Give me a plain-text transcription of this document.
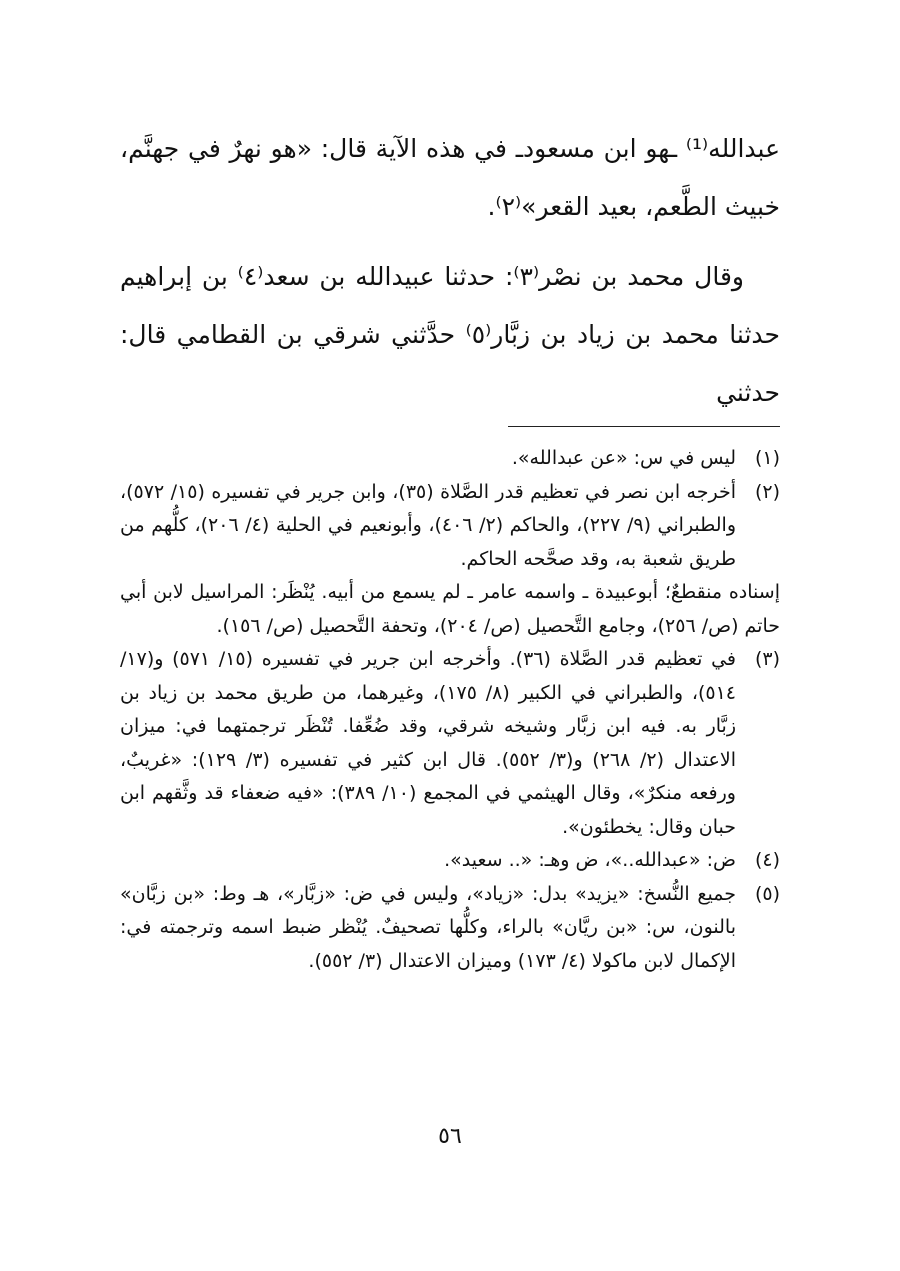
عبدالله⁽¹⁾ ـهو ابن مسعودـ في هذه الآية قال: «هو نهرٌ في جهنَّم، خبيث الطَّعم، بعيد القعر»⁽٢⁾.

وقال محمد بن نصْر⁽٣⁾: حدثنا عبيدالله بن سعد⁽٤⁾ بن إبراهيم حدثنا محمد بن زياد بن زبَّار⁽٥⁾ حدَّثني شرقي بن القطامي قال: حدثني

(١)
ليس في س: «عن عبدالله».
(٢)
أخرجه ابن نصر في تعظيم قدر الصَّلاة (٣٥)، وابن جرير في تفسيره (١٥/ ٥٧٢)، والطبراني (٩/ ٢٢٧)، والحاكم (٢/ ٤٠٦)، وأبونعيم في الحلية (٤/ ٢٠٦)، كلُّهم من طريق شعبة به، وقد صحَّحه الحاكم.
إسناده منقطعٌ؛ أبوعبيدة ـ واسمه عامر ـ لم يسمع من أبيه. يُنْظَر: المراسيل لابن أبي حاتم (ص/ ٢٥٦)، وجامع التَّحصيل (ص/ ٢٠٤)، وتحفة التَّحصيل (ص/ ١٥٦).
(٣)
في تعظيم قدر الصَّلاة (٣٦). وأخرجه ابن جرير في تفسيره (١٥/ ٥٧١) و(١٧/ ٥١٤)، والطبراني في الكبير (٨/ ١٧٥)، وغيرهما، من طريق محمد بن زياد بن زبَّار به. فيه ابن زبَّار وشيخه شرقي، وقد ضُعِّفا. تُنْظَر ترجمتهما في: ميزان الاعتدال (٢/ ٢٦٨) و(٣/ ٥٥٢). قال ابن كثير في تفسيره (٣/ ١٢٩): «غريبٌ، ورفعه منكرٌ»، وقال الهيثمي في المجمع (١٠/ ٣٨٩): «فيه ضعفاء قد وثَّقهم ابن حبان وقال: يخطئون».
(٤)
ض: «عبدالله..»، ض وهـ: «.. سعيد».
(٥)
جميع النُّسخ: «يزيد» بدل: «زياد»، وليس في ض: «زبَّار»، هـ وط: «بن زبَّان» بالنون، س: «بن ريَّان» بالراء، وكلُّها تصحيفٌ. يُنْظر ضبط اسمه وترجمته في: الإكمال لابن ماكولا (٤/ ١٧٣) وميزان الاعتدال (٣/ ٥٥٢).
٥٦
